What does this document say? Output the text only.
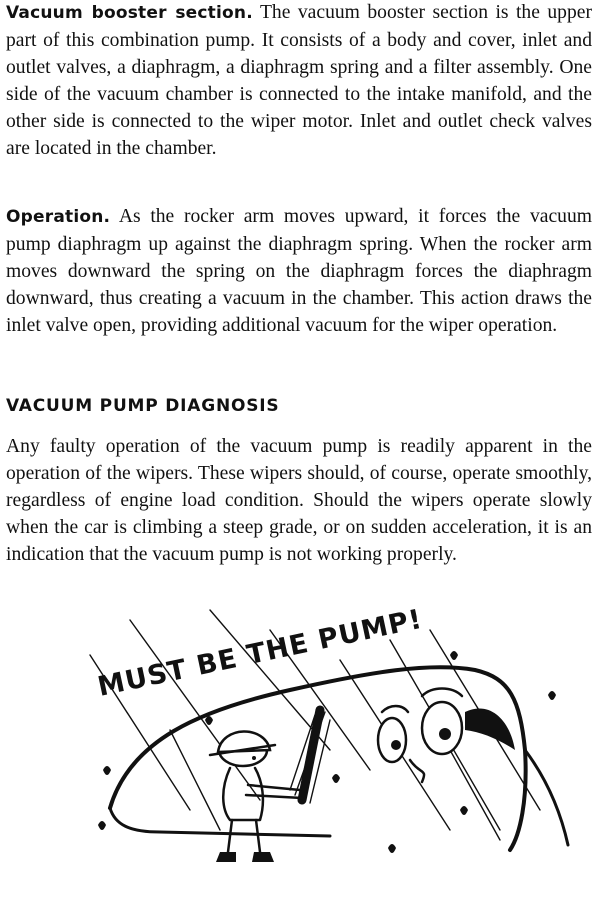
Vacuum booster section. The vacuum booster section is the upper part of this combination pump. It consists of a body and cover, inlet and outlet valves, a diaphragm, a diaphragm spring and a filter assembly. One side of the vacuum chamber is connected to the intake manifold, and the other side is connected to the wiper motor. Inlet and outlet check valves are located in the chamber.

Operation. As the rocker arm moves upward, it forces the vacuum pump diaphragm up against the diaphragm spring. When the rocker arm moves downward the spring on the diaphragm forces the diaphragm downward, thus creating a vacuum in the chamber. This action draws the inlet valve open, providing additional vacuum for the wiper operation.

VACUUM PUMP DIAGNOSIS

Any faulty operation of the vacuum pump is readily apparent in the operation of the wipers. These wipers should, of course, operate smoothly, regardless of engine load condition. Should the wipers operate slowly when the car is climbing a steep grade, or on sudden acceleration, it is an indication that the vacuum pump is not working properly.

MUST BE THE PUMP!
